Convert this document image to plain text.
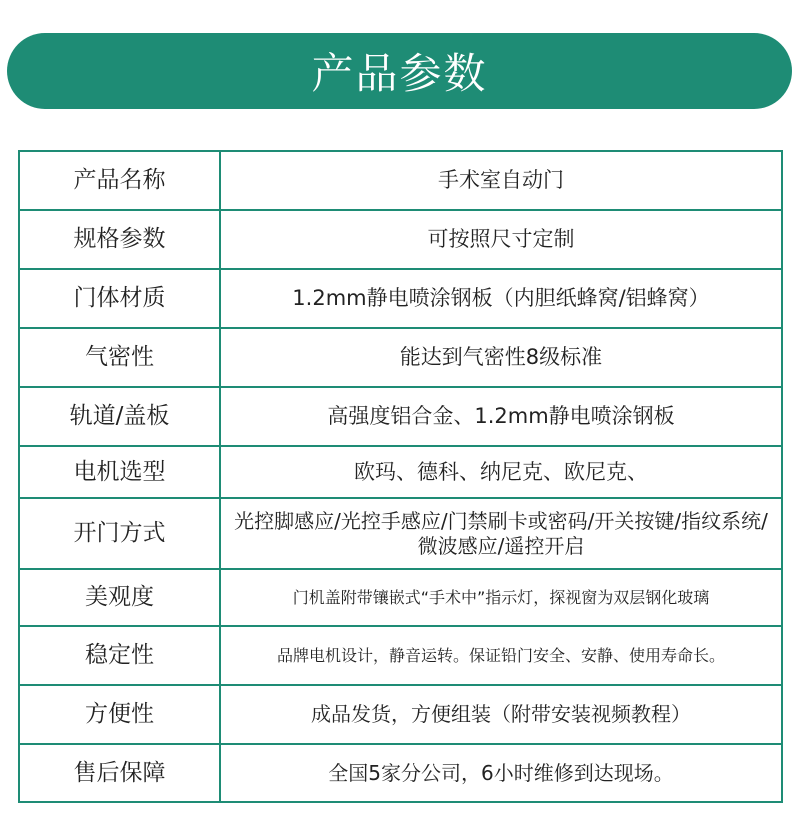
产品参数
产品名称	手术室自动门
规格参数	可按照尺寸定制
门体材质	1.2mm静电喷涂钢板（内胆纸蜂窝/铝蜂窝）
气密性	能达到气密性8级标准
轨道/盖板	高强度铝合金、1.2mm静电喷涂钢板
电机选型	欧玛、德科、纳尼克、欧尼克、
开门方式	光控脚感应/光控手感应/门禁刷卡或密码/开关按键/指纹系统/微波感应/遥控开启
美观度	门机盖附带镶嵌式“手术中”指示灯，探视窗为双层钢化玻璃
稳定性	品牌电机设计，静音运转。保证铅门安全、安静、使用寿命长。
方便性	成品发货，方便组装（附带安装视频教程）
售后保障	全国5家分公司，6小时维修到达现场。
